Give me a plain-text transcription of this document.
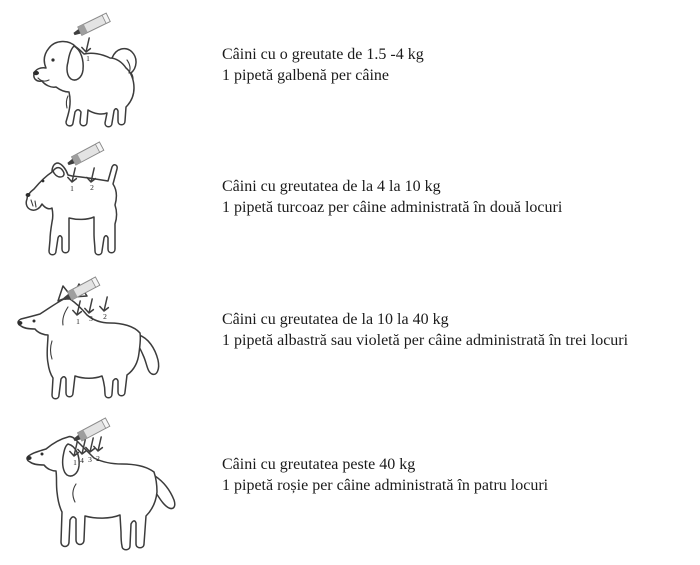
1	Câini cu o greutate de 1.5 -4 kg
1 pipetă galbenă per câine
1 2	Câini cu greutatea de la 4 la 10 kg
1 pipetă turcoaz per câine administrată în două locuri
1 3 2	Câini cu greutatea de la 10 la 40 kg
1 pipetă albastră sau violetă per câine administrată în trei locuri
1 4 3 2	Câini cu greutatea peste 40 kg
1 pipetă roșie per câine administrată în patru locuri
